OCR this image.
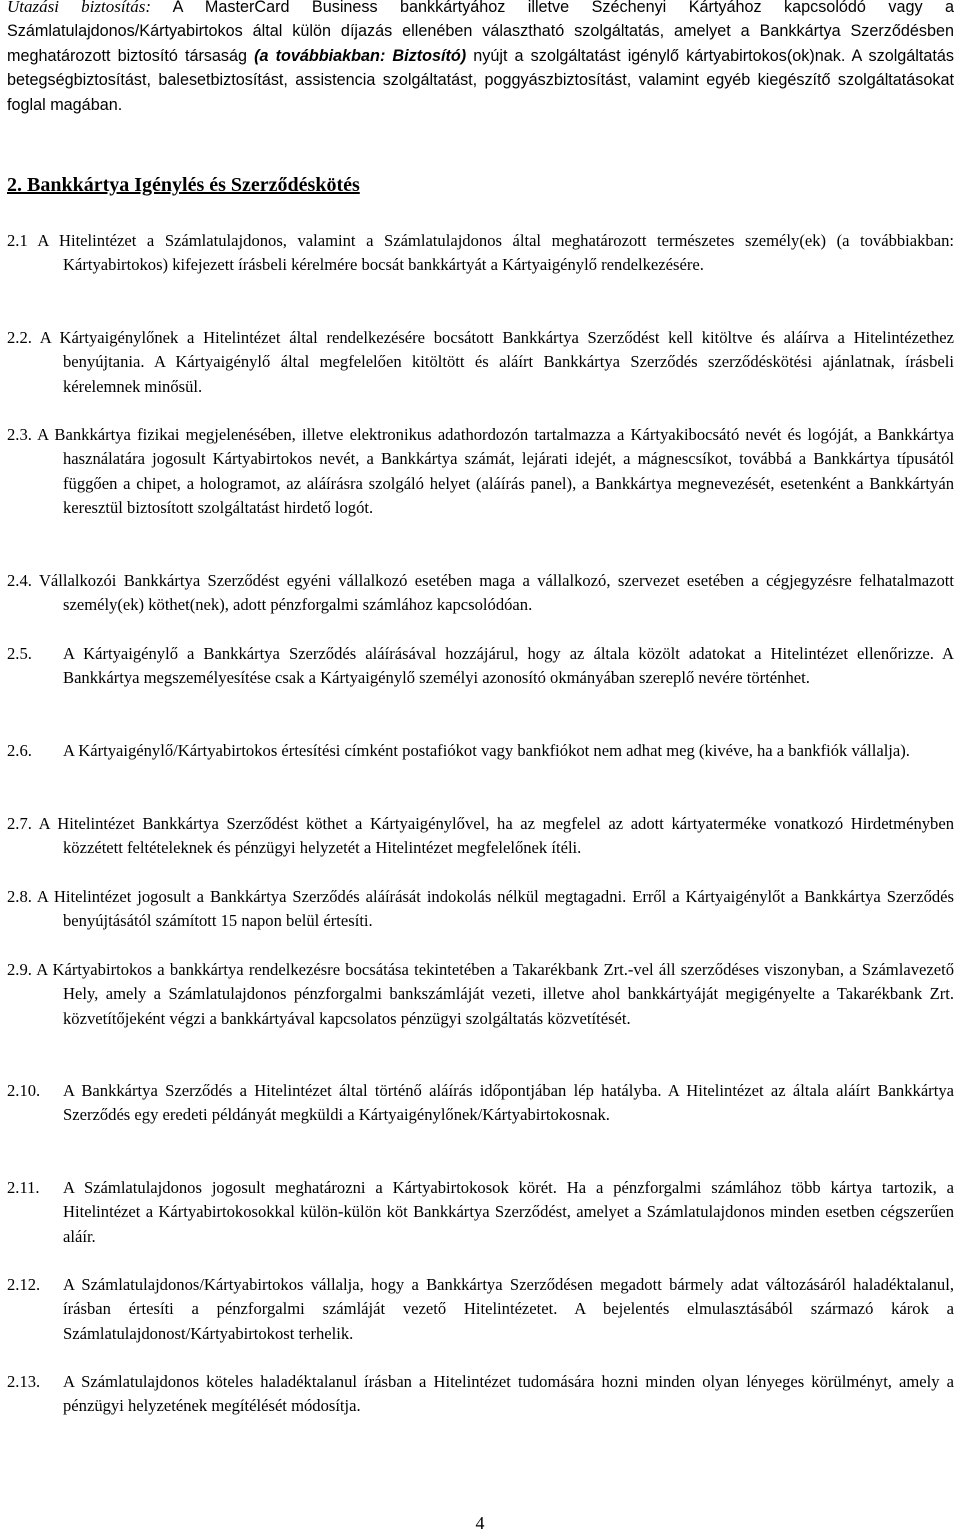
Utazási biztosítás: A MasterCard Business bankkártyához illetve Széchenyi Kártyához kapcsolódó vagy a Számlatulajdonos/Kártyabirtokos által külön díjazás ellenében választható szolgáltatás, amelyet a Bankkártya Szerződésben meghatározott biztosító társaság (a továbbiakban: Biztosító) nyújt a szolgáltatást igénylő kártyabirtokos(ok)nak. A szolgáltatás betegségbiztosítást, balesetbiztosítást, assistencia szolgáltatást, poggyászbiztosítást, valamint egyéb kiegészítő szolgáltatásokat foglal magában.
2. Bankkártya Igénylés és Szerződéskötés

2.1 A Hitelintézet a Számlatulajdonos, valamint a Számlatulajdonos által meghatározott természetes személy(ek) (a továbbiakban: Kártyabirtokos) kifejezett írásbeli kérelmére bocsát bankkártyát a Kártyaigénylő rendelkezésére.

2.2. A Kártyaigénylőnek a Hitelintézet által rendelkezésére bocsátott Bankkártya Szerződést kell kitöltve és aláírva a Hitelintézethez benyújtania. A Kártyaigénylő által megfelelően kitöltött és aláírt Bankkártya Szerződés szerződéskötési ajánlatnak, írásbeli kérelemnek minősül.

2.3. A Bankkártya fizikai megjelenésében, illetve elektronikus adathordozón tartalmazza a Kártyakibocsátó nevét és logóját, a Bankkártya használatára jogosult Kártyabirtokos nevét, a Bankkártya számát, lejárati idejét, a mágnescsíkot, továbbá a Bankkártya típusától függően a chipet, a hologramot, az aláírásra szolgáló helyet (aláírás panel), a Bankkártya megnevezését, esetenként a Bankkártyán keresztül biztosított szolgáltatást hirdető logót.

2.4. Vállalkozói Bankkártya Szerződést egyéni vállalkozó esetében maga a vállalkozó, szervezet esetében a cégjegyzésre felhatalmazott személy(ek) köthet(nek), adott pénzforgalmi számlához kapcsolódóan.

2.5.	A Kártyaigénylő a Bankkártya Szerződés aláírásával hozzájárul, hogy az általa közölt adatokat a Hitelintézet ellenőrizze. A Bankkártya megszemélyesítése csak a Kártyaigénylő személyi azonosító okmányában szereplő nevére történhet.

2.6.	A Kártyaigénylő/Kártyabirtokos értesítési címként postafiókot vagy bankfiókot nem adhat meg (kivéve, ha a bankfiók vállalja).

2.7. A Hitelintézet Bankkártya Szerződést köthet a Kártyaigénylővel, ha az megfelel az adott kártyaterméke vonatkozó Hirdetményben közzétett feltételeknek és pénzügyi helyzetét a Hitelintézet megfelelőnek ítéli.

2.8. A Hitelintézet jogosult a Bankkártya Szerződés aláírását indokolás nélkül megtagadni. Erről a Kártyaigénylőt a Bankkártya Szerződés benyújtásától számított 15 napon belül értesíti.

2.9. A Kártyabirtokos a bankkártya rendelkezésre bocsátása tekintetében a Takarékbank Zrt.-vel áll szerződéses viszonyban, a Számlavezető Hely, amely a Számlatulajdonos pénzforgalmi bankszámláját vezeti, illetve ahol bankkártyáját megigényelte a Takarékbank Zrt. közvetítőjeként végzi a bankkártyával kapcsolatos pénzügyi szolgáltatás közvetítését.

2.10.	A Bankkártya Szerződés a Hitelintézet által történő aláírás időpontjában lép hatályba. A Hitelintézet az általa aláírt Bankkártya Szerződés egy eredeti példányát megküldi a Kártyaigénylőnek/Kártyabirtokosnak.

2.11.	A Számlatulajdonos jogosult meghatározni a Kártyabirtokosok körét. Ha a pénzforgalmi számlához több kártya tartozik, a Hitelintézet a Kártyabirtokosokkal külön-külön köt Bankkártya Szerződést, amelyet a Számlatulajdonos minden esetben cégszerűen aláír.

2.12.	A Számlatulajdonos/Kártyabirtokos vállalja, hogy a Bankkártya Szerződésen megadott bármely adat változásáról haladéktalanul, írásban értesíti a pénzforgalmi számláját vezető Hitelintézetet. A bejelentés elmulasztásából származó károk a Számlatulajdonost/Kártyabirtokost terhelik.

2.13.	A Számlatulajdonos köteles haladéktalanul írásban a Hitelintézet tudomására hozni minden olyan lényeges körülményt, amely a pénzügyi helyzetének megítélését módosítja.

4
